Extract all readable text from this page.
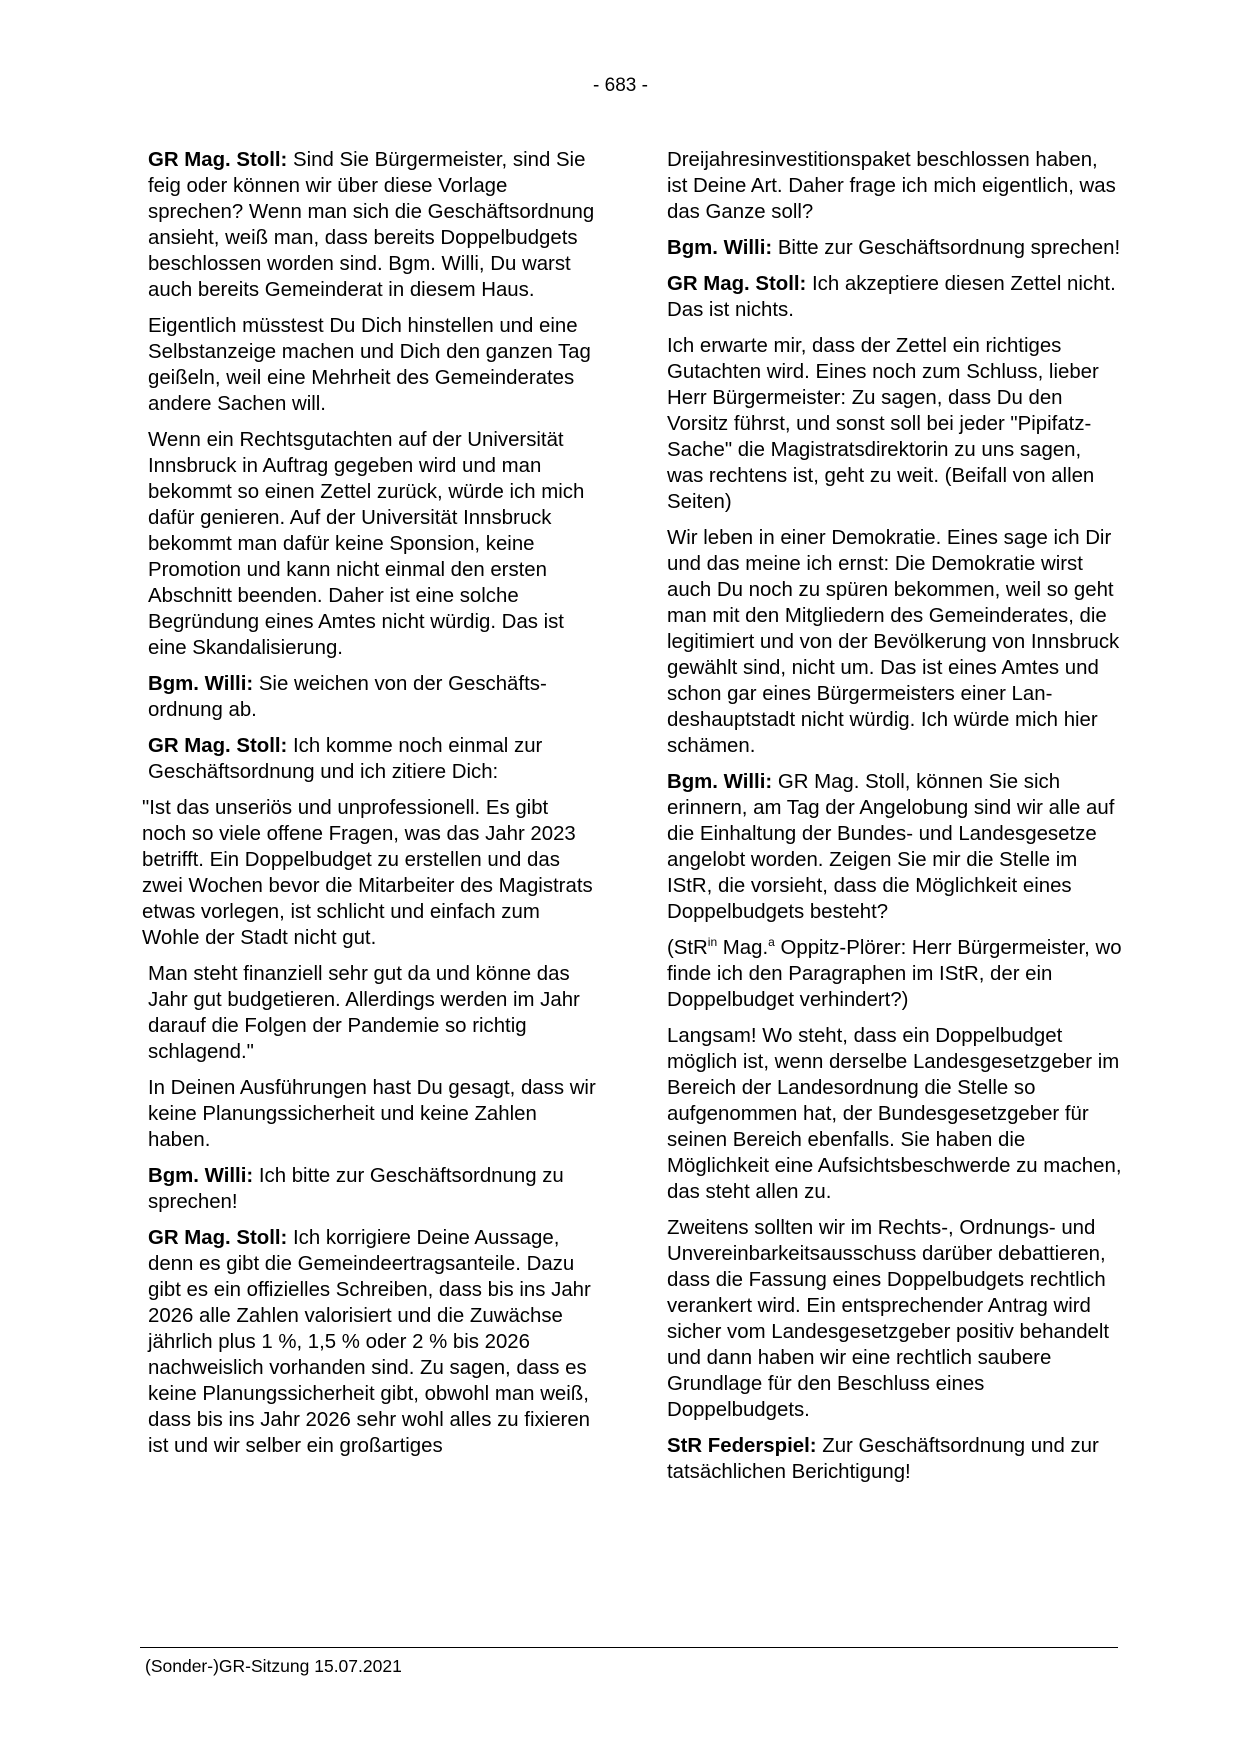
- 683 -

GR Mag. Stoll: Sind Sie Bürgermeister, sind Sie feig oder können wir über diese Vorlage sprechen? Wenn man sich die Geschäftsordnung ansieht, weiß man, dass bereits Doppelbudgets beschlossen worden sind. Bgm. Willi, Du warst auch bereits Gemeinderat in diesem Haus.

Eigentlich müsstest Du Dich hinstellen und eine Selbstanzeige machen und Dich den ganzen Tag geißeln, weil eine Mehrheit des Gemeinderates andere Sachen will.

Wenn ein Rechtsgutachten auf der Universität Innsbruck in Auftrag gegeben wird und man bekommt so einen Zettel zurück, würde ich mich dafür genieren. Auf der Universität Innsbruck bekommt man dafür keine Sponsion, keine Promotion und kann nicht einmal den ersten Abschnitt beenden. Daher ist eine solche Begründung eines Amtes nicht würdig. Das ist eine Skandalisierung.

Bgm. Willi: Sie weichen von der Geschäftsordnung ab.

GR Mag. Stoll: Ich komme noch einmal zur Geschäftsordnung und ich zitiere Dich:

"Ist das unseriös und unprofessionell. Es gibt noch so viele offene Fragen, was das Jahr 2023 betrifft. Ein Doppelbudget zu erstellen und das zwei Wochen bevor die Mitarbeiter des Magistrats etwas vorlegen, ist schlicht und einfach zum Wohle der Stadt nicht gut.

Man steht finanziell sehr gut da und könne das Jahr gut budgetieren. Allerdings werden im Jahr darauf die Folgen der Pandemie so richtig schlagend."

In Deinen Ausführungen hast Du gesagt, dass wir keine Planungssicherheit und keine Zahlen haben.

Bgm. Willi: Ich bitte zur Geschäftsordnung zu sprechen!

GR Mag. Stoll: Ich korrigiere Deine Aussage, denn es gibt die Gemeindeertragsanteile. Dazu gibt es ein offizielles Schreiben, dass bis ins Jahr 2026 alle Zahlen valorisiert und die Zuwächse jährlich plus 1 %, 1,5 % oder 2 % bis 2026 nachweislich vorhanden sind. Zu sagen, dass es keine Planungssicherheit gibt, obwohl man weiß, dass bis ins Jahr 2026 sehr wohl alles zu fixieren ist und wir selber ein großartiges

Dreijahresinvestitionspaket beschlossen haben, ist Deine Art. Daher frage ich mich eigentlich, was das Ganze soll?

Bgm. Willi: Bitte zur Geschäftsordnung sprechen!

GR Mag. Stoll: Ich akzeptiere diesen Zettel nicht. Das ist nichts.

Ich erwarte mir, dass der Zettel ein richtiges Gutachten wird. Eines noch zum Schluss, lieber Herr Bürgermeister: Zu sagen, dass Du den Vorsitz führst, und sonst soll bei jeder "Pipifatz-Sache" die Magistratsdirektorin zu uns sagen, was rechtens ist, geht zu weit. (Beifall von allen Seiten)

Wir leben in einer Demokratie. Eines sage ich Dir und das meine ich ernst: Die Demokratie wirst auch Du noch zu spüren bekommen, weil so geht man mit den Mitgliedern des Gemeinderates, die legitimiert und von der Bevölkerung von Innsbruck gewählt sind, nicht um. Das ist eines Amtes und schon gar eines Bürgermeisters einer Landeshauptstadt nicht würdig. Ich würde mich hier schämen.

Bgm. Willi: GR Mag. Stoll, können Sie sich erinnern, am Tag der Angelobung sind wir alle auf die Einhaltung der Bundes- und Landesgesetze angelobt worden. Zeigen Sie mir die Stelle im IStR, die vorsieht, dass die Möglichkeit eines Doppelbudgets besteht?

(StR$^{in}$ Mag.$^a$ Oppitz-Plörer: Herr Bürgermeister, wo finde ich den Paragraphen im IStR, der ein Doppelbudget verhindert?)

Langsam! Wo steht, dass ein Doppelbudget möglich ist, wenn derselbe Landesgesetzgeber im Bereich der Landesordnung die Stelle so aufgenommen hat, der Bundesgesetzgeber für seinen Bereich ebenfalls. Sie haben die Möglichkeit eine Aufsichtsbeschwerde zu machen, das steht allen zu.

Zweitens sollten wir im Rechts-, Ordnungs- und Unvereinbarkeitsausschuss darüber debattieren, dass die Fassung eines Doppelbudgets rechtlich verankert wird. Ein entsprechender Antrag wird sicher vom Landesgesetzgeber positiv behandelt und dann haben wir eine rechtlich saubere Grundlage für den Beschluss eines Doppelbudgets.

StR Federspiel: Zur Geschäftsordnung und zur tatsächlichen Berichtigung!

(Sonder-)GR-Sitzung 15.07.2021
